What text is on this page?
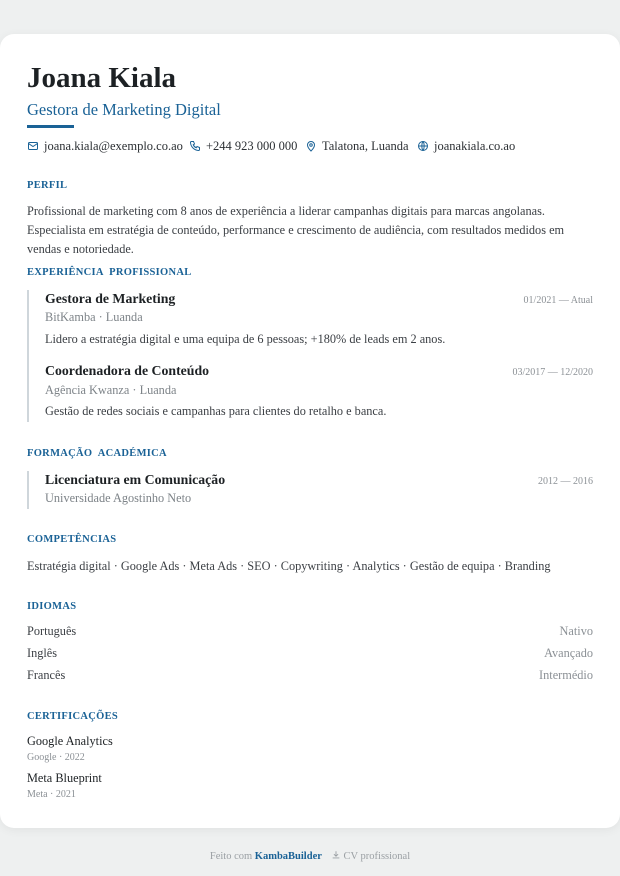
Joana Kiala
Gestora de Marketing Digital
joana.kiala@exemplo.co.ao +244 923 000 000 Talatona, Luanda joanakiala.co.ao
PERFIL
Profissional de marketing com 8 anos de experiência a liderar campanhas digitais para marcas angolanas. Especialista em estratégia de conteúdo, performance e crescimento de audiência, com resultados medidos em vendas e notoriedade.
EXPERIÊNCIA PROFISSIONAL
Gestora de Marketing	01/2021 — Atual
BitKamba · Luanda
Lidero a estratégia digital e uma equipa de 6 pessoas; +180% de leads em 2 anos.
Coordenadora de Conteúdo	03/2017 — 12/2020
Agência Kwanza · Luanda
Gestão de redes sociais e campanhas para clientes do retalho e banca.
FORMAÇÃO ACADÉMICA
Licenciatura em Comunicação	2012 — 2016
Universidade Agostinho Neto
COMPETÊNCIAS
Estratégia digital · Google Ads · Meta Ads · SEO · Copywriting · Analytics · Gestão de equipa · Branding
IDIOMAS
Português	Nativo
Inglês	Avançado
Francês	Intermédio
CERTIFICAÇÕES
Google Analytics
Google · 2022
Meta Blueprint
Meta · 2021
Feito com KambaBuilder CV profissional
